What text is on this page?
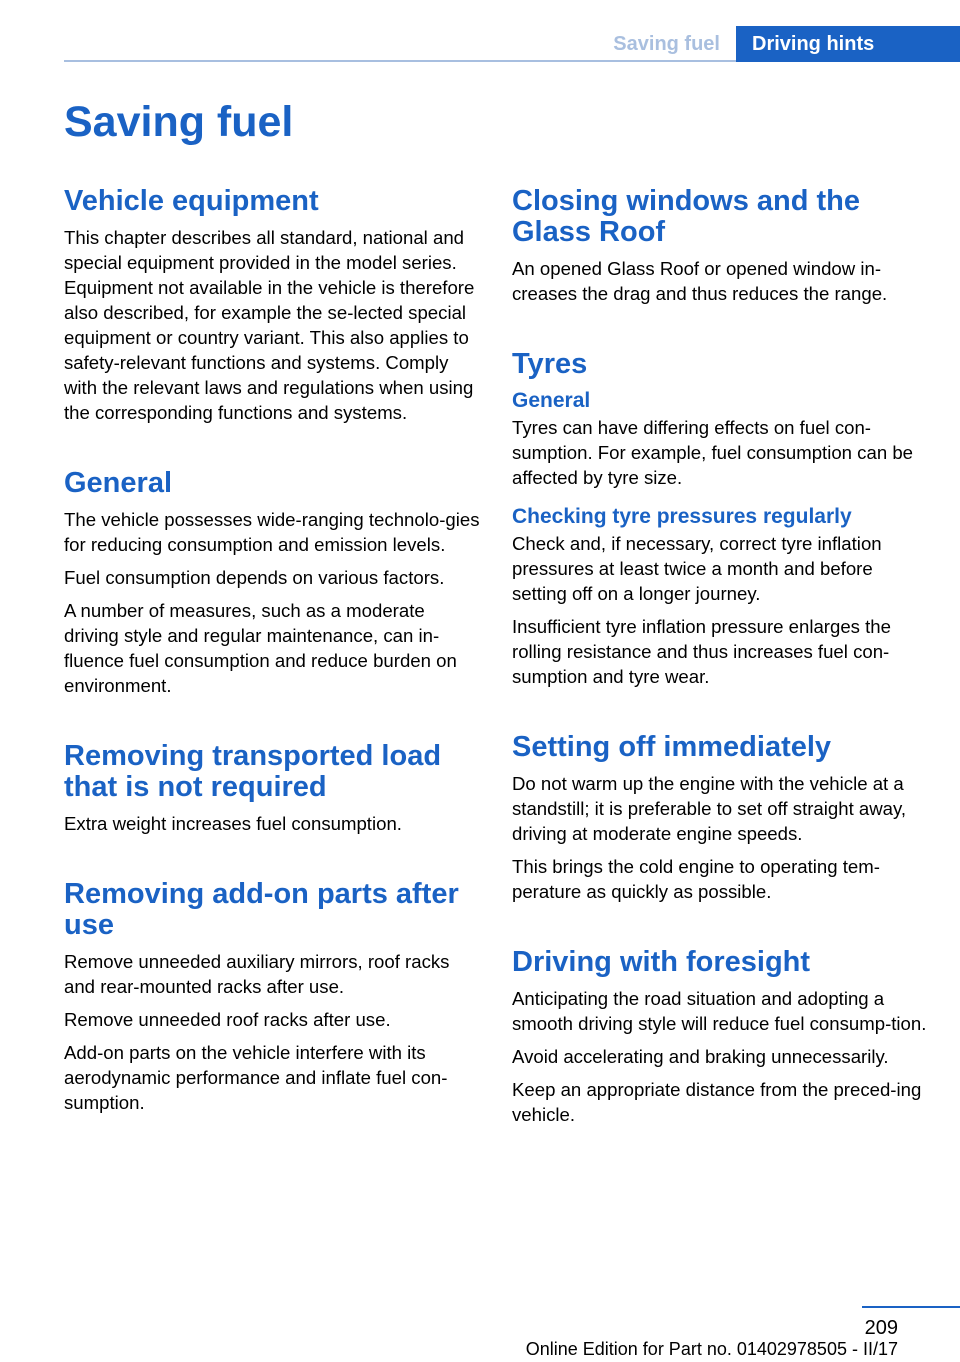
Saving fuel	Driving hints
Saving fuel
Vehicle equipment

This chapter describes all standard, national and special equipment provided in the model series. Equipment not available in the vehicle is therefore also described, for example the se-lected special equipment or country variant. This also applies to safety-relevant functions and systems. Comply with the relevant laws and regulations when using the corresponding functions and systems.

General

The vehicle possesses wide-ranging technolo-gies for reducing consumption and emission levels.

Fuel consumption depends on various factors.

A number of measures, such as a moderate driving style and regular maintenance, can in-fluence fuel consumption and reduce burden on environment.

Removing transported load that is not required

Extra weight increases fuel consumption.

Removing add-on parts after use

Remove unneeded auxiliary mirrors, roof racks and rear-mounted racks after use.

Remove unneeded roof racks after use.

Add-on parts on the vehicle interfere with its aerodynamic performance and inflate fuel con-sumption.

Closing windows and the Glass Roof

An opened Glass Roof or opened window in-creases the drag and thus reduces the range.

Tyres
General

Tyres can have differing effects on fuel con-sumption. For example, fuel consumption can be affected by tyre size.

Checking tyre pressures regularly

Check and, if necessary, correct tyre inflation pressures at least twice a month and before setting off on a longer journey.

Insufficient tyre inflation pressure enlarges the rolling resistance and thus increases fuel con-sumption and tyre wear.

Setting off immediately

Do not warm up the engine with the vehicle at a standstill; it is preferable to set off straight away, driving at moderate engine speeds.

This brings the cold engine to operating tem-perature as quickly as possible.

Driving with foresight

Anticipating the road situation and adopting a smooth driving style will reduce fuel consump-tion.

Avoid accelerating and braking unnecessarily.

Keep an appropriate distance from the preced-ing vehicle.

209
Online Edition for Part no. 01402978505 - II/17
